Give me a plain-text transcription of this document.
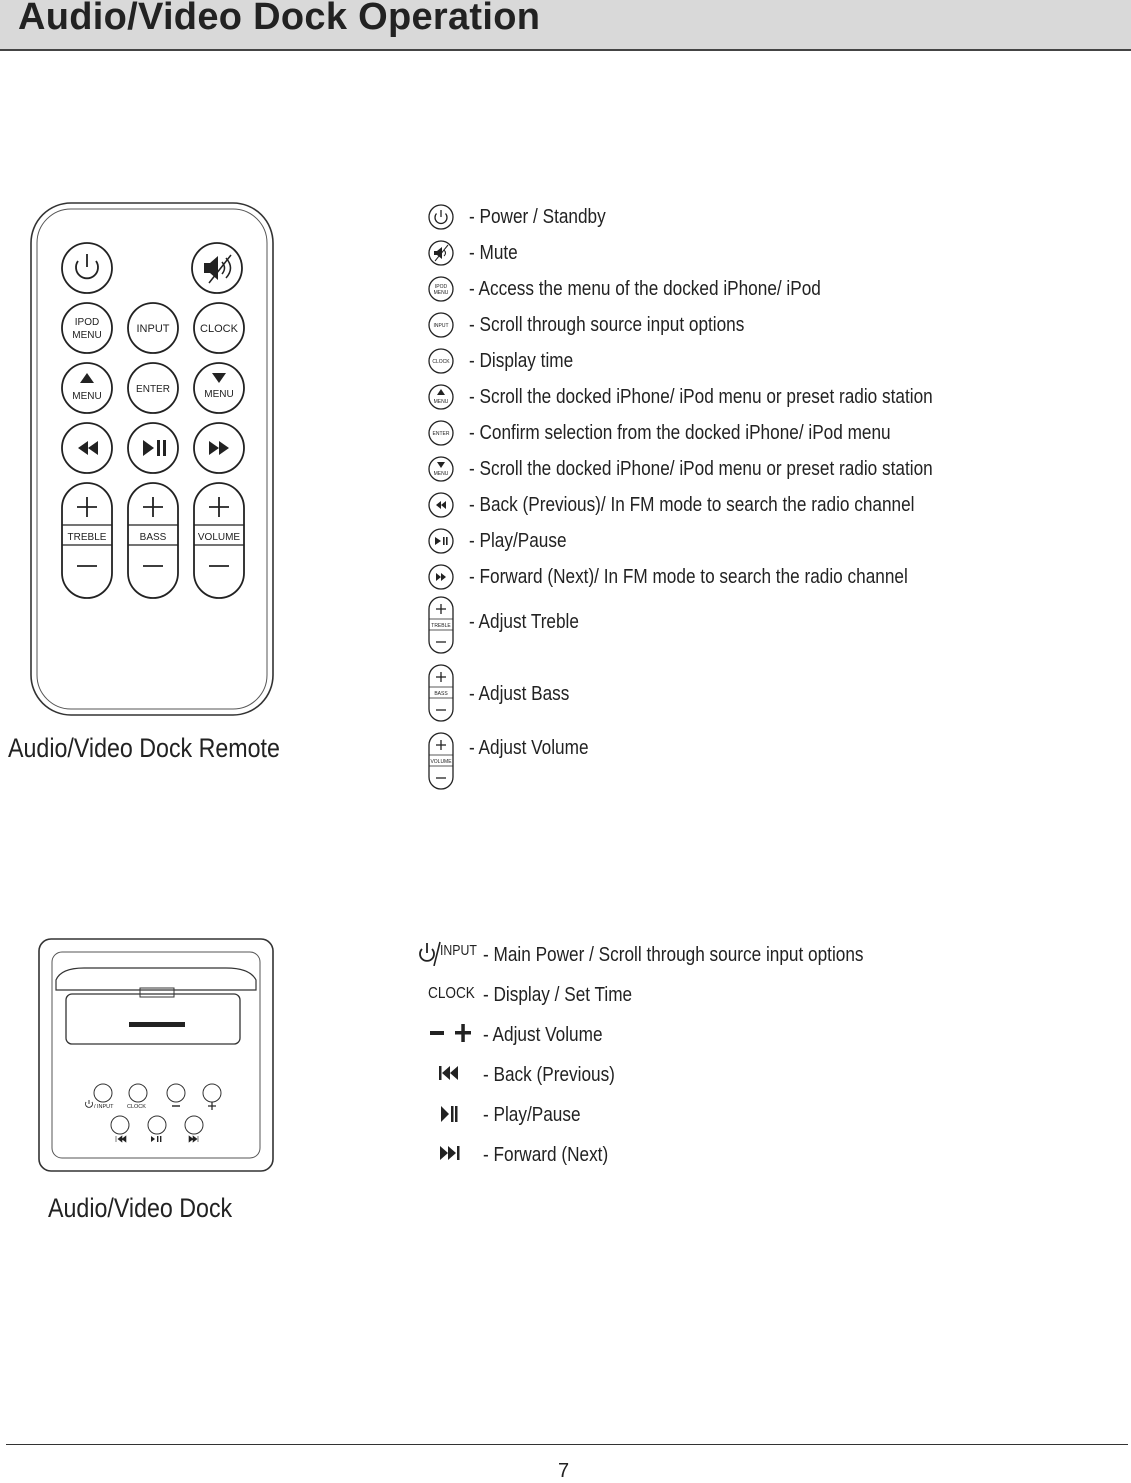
Audio/Video Dock Operation
IPOD
MENU
INPUT	CLOCK
MENU
ENTER	MENU
TREBLE	BASS	VOLUME
Audio/Video Dock Remote
IPOD
MENU
INPUT
CLOCK
MENU
ENTER
MENU
TREBLE
BASS
VOLUME
- Power / Standby
- Mute
- Access the menu of the docked iPhone/ iPod
- Scroll through source input options
- Display time
- Scroll the docked iPhone/ iPod menu or preset radio station
- Confirm selection from the docked iPhone/ iPod menu
- Scroll the docked iPhone/ iPod menu or preset radio station
- Back (Previous)/ In FM mode to search the radio channel
- Play/Pause
- Forward (Next)/ In FM mode to search the radio channel
- Adjust Treble
- Adjust Bass
- Adjust Volume
/ INPUT CLOCK
Audio/Video Dock
INPUT - Main Power / Scroll through source input options
CLOCK - Display / Set Time
- Adjust Volume
- Back (Previous)
- Play/Pause
- Forward (Next)
7
